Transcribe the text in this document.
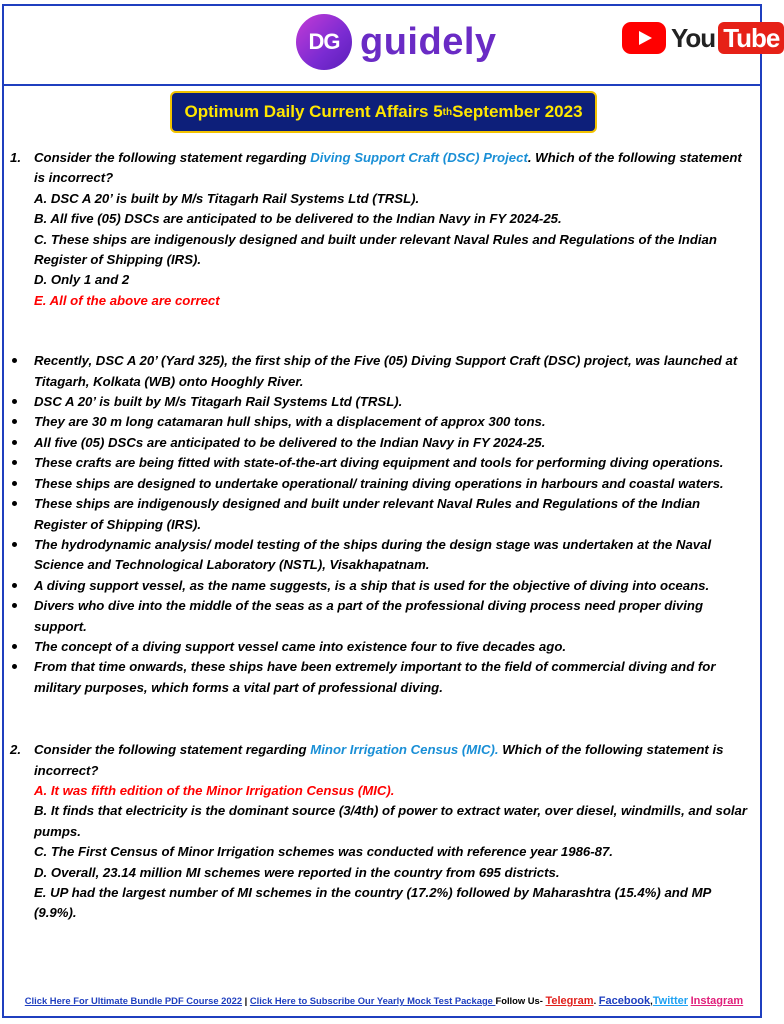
DG guidely	You Tube
Optimum Daily Current Affairs 5 th September 2023
1. Consider the following statement regarding Diving Support Craft (DSC) Project. Which of the following statement is incorrect?
A. DSC A 20’ is built by M/s Titagarh Rail Systems Ltd (TRSL).
B. All five (05) DSCs are anticipated to be delivered to the Indian Navy in FY 2024-25.
C. These ships are indigenously designed and built under relevant Naval Rules and Regulations of the Indian Register of Shipping (IRS).
D. Only 1 and 2
E. All of the above are correct
Recently, DSC A 20’ (Yard 325), the first ship of the Five (05) Diving Support Craft (DSC) project, was launched at Titagarh, Kolkata (WB) onto Hooghly River.
DSC A 20’ is built by M/s Titagarh Rail Systems Ltd (TRSL).
They are 30 m long catamaran hull ships, with a displacement of approx 300 tons.
All five (05) DSCs are anticipated to be delivered to the Indian Navy in FY 2024-25.
These crafts are being fitted with state-of-the-art diving equipment and tools for performing diving operations.
These ships are designed to undertake operational/ training diving operations in harbours and coastal waters.
These ships are indigenously designed and built under relevant Naval Rules and Regulations of the Indian Register of Shipping (IRS).
The hydrodynamic analysis/ model testing of the ships during the design stage was undertaken at the Naval Science and Technological Laboratory (NSTL), Visakhapatnam.
A diving support vessel, as the name suggests, is a ship that is used for the objective of diving into oceans.
Divers who dive into the middle of the seas as a part of the professional diving process need proper diving support.
The concept of a diving support vessel came into existence four to five decades ago.
From that time onwards, these ships have been extremely important to the field of commercial diving and for military purposes, which forms a vital part of professional diving.
2. Consider the following statement regarding Minor Irrigation Census (MIC). Which of the following statement is incorrect?
A. It was fifth edition of the Minor Irrigation Census (MIC).
B. It finds that electricity is the dominant source (3/4th) of power to extract water, over diesel, windmills, and solar pumps.
C. The First Census of Minor Irrigation schemes was conducted with reference year 1986-87.
D. Overall, 23.14 million MI schemes were reported in the country from 695 districts.
E. UP had the largest number of MI schemes in the country (17.2%) followed by Maharashtra (15.4%) and MP (9.9%).
Click Here For Ultimate Bundle PDF Course 2022 | Click Here to Subscribe Our Yearly Mock Test Package Follow Us- Telegram. Facebook,Twitter Instagram
